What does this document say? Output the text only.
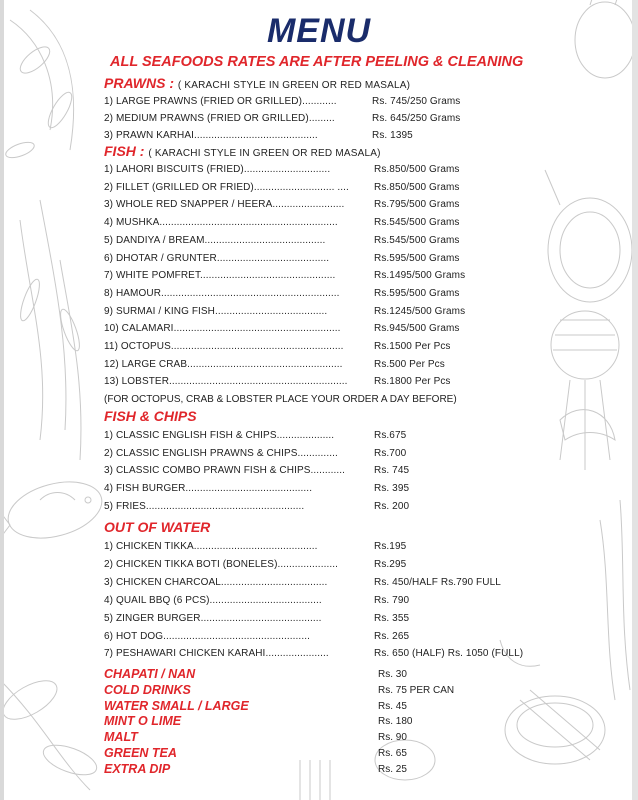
MENU
ALL SEAFOODS RATES ARE AFTER PEELING & CLEANING
PRAWNS : ( KARACHI STYLE IN GREEN OR RED MASALA)
1) LARGE PRAWNS (FRIED OR GRILLED)............	Rs. 745/250 Grams
2) MEDIUM PRAWNS (FRIED OR GRILLED).........	Rs. 645/250 Grams
3) PRAWN KARHAI...........................................	Rs. 1395
FISH : ( KARACHI STYLE IN GREEN OR RED MASALA)
1) LAHORI BISCUITS (FRIED)..............................	Rs.850/500 Grams
2) FILLET (GRILLED OR FRIED)............................ ....	Rs.850/500 Grams
3) WHOLE RED SNAPPER / HEERA.........................	Rs.795/500 Grams
4) MUSHKA..............................................................	Rs.545/500 Grams
5) DANDIYA / BREAM..........................................	Rs.545/500 Grams
6) DHOTAR / GRUNTER.......................................	Rs.595/500 Grams
7) WHITE POMFRET...............................................	Rs.1495/500 Grams
8) HAMOUR..............................................................	Rs.595/500 Grams
9) SURMAI / KING FISH.......................................	Rs.1245/500 Grams
10) CALAMARI..........................................................	Rs.945/500 Grams
11) OCTOPUS............................................................	Rs.1500 Per Pcs
12) LARGE CRAB......................................................	Rs.500 Per Pcs
13) LOBSTER..............................................................	Rs.1800 Per Pcs
(FOR OCTOPUS, CRAB & LOBSTER PLACE YOUR ORDER A DAY BEFORE)
FISH & CHIPS
1) CLASSIC ENGLISH FISH & CHIPS....................	Rs.675
2) CLASSIC ENGLISH PRAWNS & CHIPS..............	Rs.700
3) CLASSIC COMBO PRAWN FISH & CHIPS............	Rs. 745
4) FISH BURGER............................................	Rs. 395
5) FRIES.......................................................	Rs. 200
OUT OF WATER
1) CHICKEN TIKKA...........................................	Rs.195
2) CHICKEN TIKKA BOTI (BONELES).....................	Rs.295
3) CHICKEN CHARCOAL.....................................	Rs. 450/HALF Rs.790 FULL
4) QUAIL BBQ (6 PCS).......................................	Rs. 790
5) ZINGER BURGER..........................................	Rs. 355
6) HOT DOG...................................................	Rs. 265
7) PESHAWARI CHICKEN KARAHI......................	Rs. 650 (HALF) Rs. 1050 (FULL)
CHAPATI / NAN	Rs. 30
COLD DRINKS	Rs. 75 PER CAN
WATER SMALL / LARGE	Rs. 45
MINT O LIME	Rs. 180
MALT	Rs. 90
GREEN TEA	Rs. 65
EXTRA DIP	Rs. 25
